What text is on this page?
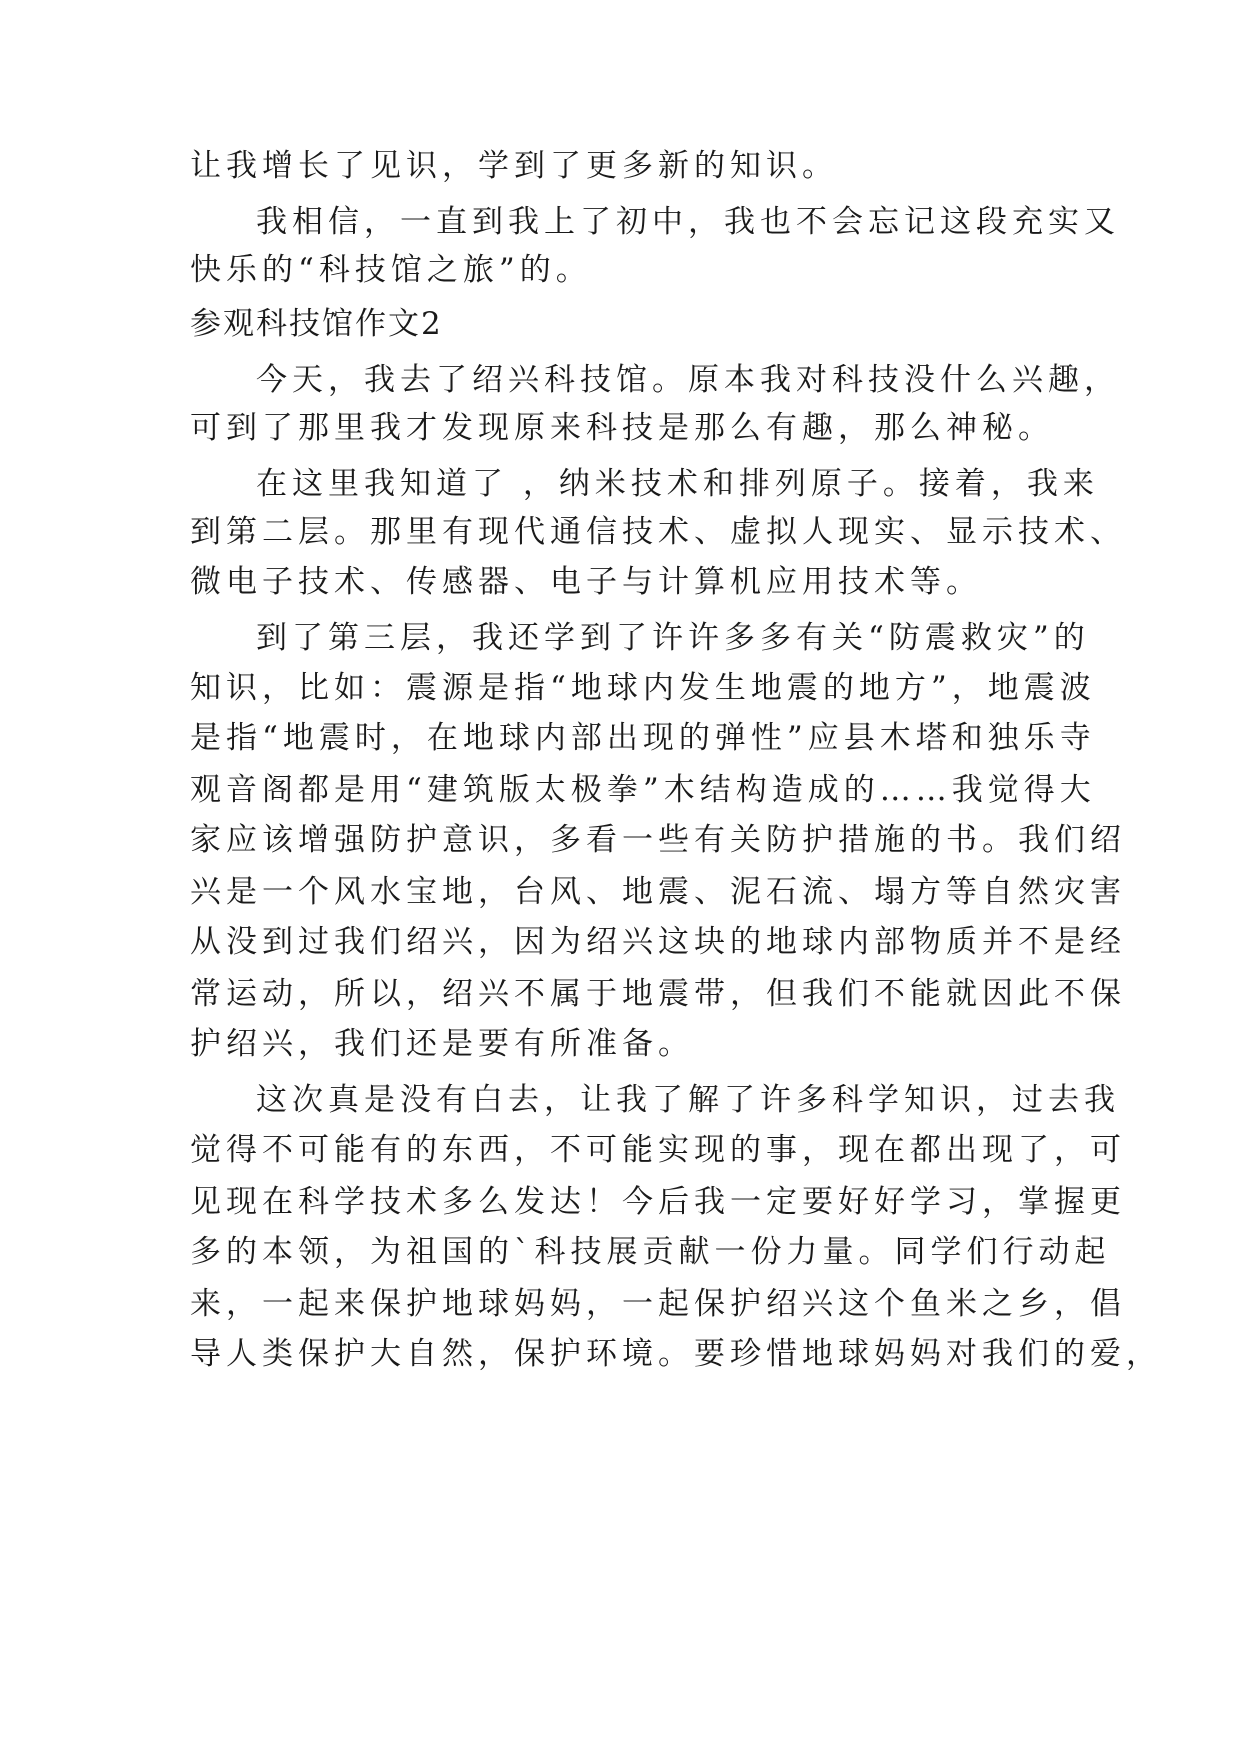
让我增长了见识，学到了更多新的知识。
我相信，一直到我上了初中，我也不会忘记这段充实又
快乐的“科技馆之旅”的。
参观科技馆作文2
今天，我去了绍兴科技馆。原本我对科技没什么兴趣，
可到了那里我才发现原来科技是那么有趣，那么神秘。
在这里我知道了 ，纳米技术和排列原子。接着，我来
到第二层。那里有现代通信技术、虚拟人现实、显示技术、
微电子技术、传感器、电子与计算机应用技术等。
到了第三层，我还学到了许许多多有关“防震救灾”的
知识，比如：震源是指“地球内发生地震的地方”，地震波
是指“地震时，在地球内部出现的弹性”应县木塔和独乐寺
观音阁都是用“建筑版太极拳”木结构造成的……我觉得大
家应该增强防护意识，多看一些有关防护措施的书。我们绍
兴是一个风水宝地，台风、地震、泥石流、塌方等自然灾害
从没到过我们绍兴，因为绍兴这块的地球内部物质并不是经
常运动，所以，绍兴不属于地震带，但我们不能就因此不保
护绍兴，我们还是要有所准备。
这次真是没有白去，让我了解了许多科学知识，过去我
觉得不可能有的东西，不可能实现的事，现在都出现了，可
见现在科学技术多么发达！今后我一定要好好学习，掌握更
多的本领，为祖国的`科技展贡献一份力量。同学们行动起
来，一起来保护地球妈妈，一起保护绍兴这个鱼米之乡，倡
导人类保护大自然，保护环境。要珍惜地球妈妈对我们的爱，
